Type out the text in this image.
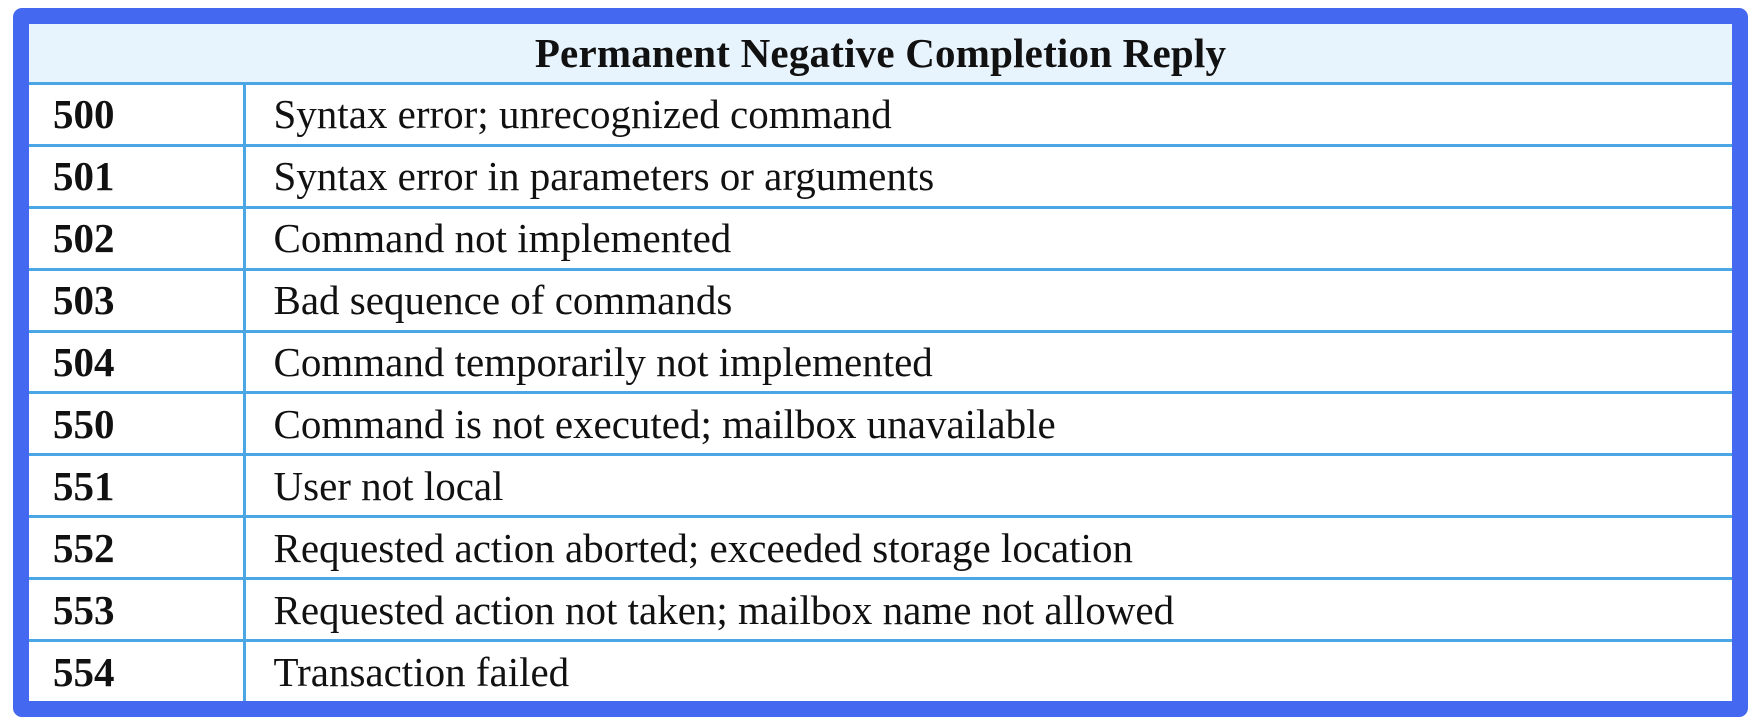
Permanent Negative Completion Reply	
500	Syntax error; unrecognized command
501	Syntax error in parameters or arguments
502	Command not implemented
503	Bad sequence of commands
504	Command temporarily not implemented
550	Command is not executed; mailbox unavailable
551	User not local
552	Requested action aborted; exceeded storage location
553	Requested action not taken; mailbox name not allowed
554	Transaction failed
